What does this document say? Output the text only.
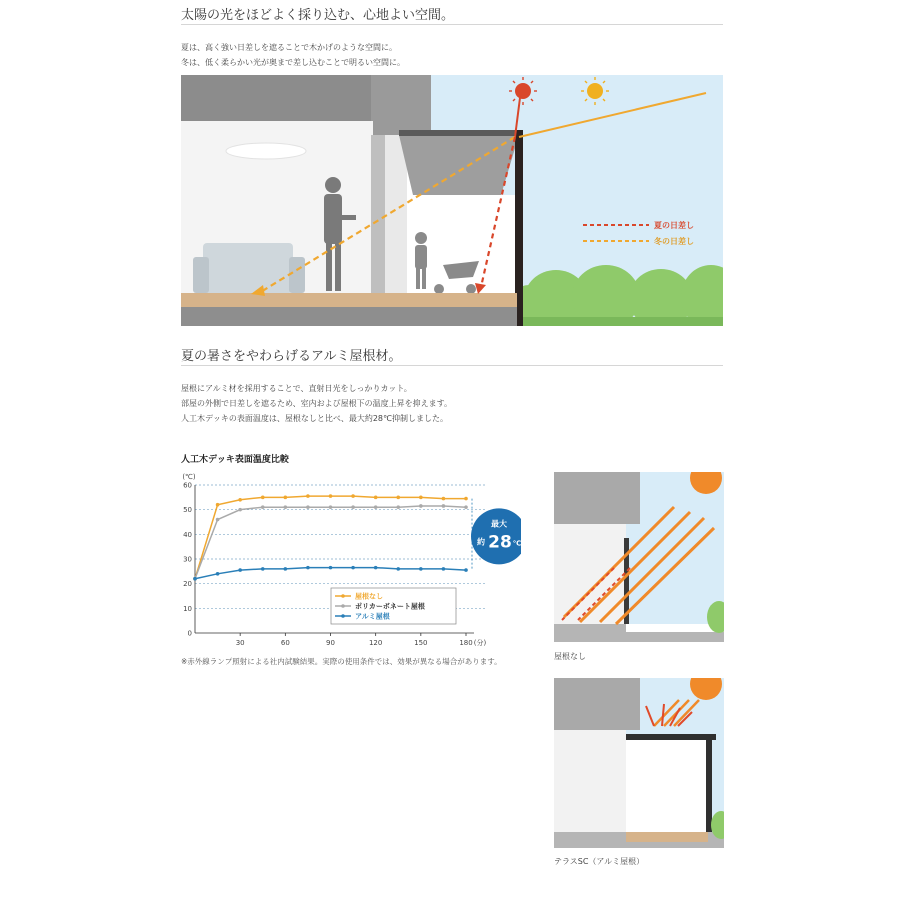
太陽の光をほどよく採り込む、心地よい空間。
夏は、高く強い日差しを遮ることで木かげのような空間に。
冬は、低く柔らかい光が奥まで差し込むことで明るい空間に。
夏の日差し
冬の日差し
夏の暑さをやわらげるアルミ屋根材。
屋根にアルミ材を採用することで、直射日光をしっかりカット。
部屋の外側で日差しを遮るため、室内および屋根下の温度上昇を抑えます。
人工木デッキの表面温度は、屋根なしと比べ、最大約28℃抑制しました。
人工木デッキ表面温度比較
0
10
20
30
40
50
60
(℃)
30	60	90	120	150	180 (分)
最大
約 28 ℃
屋根なし
ポリカーボネート屋根
アルミ屋根
※赤外線ランプ照射による社内試験結果。実際の使用条件では、効果が異なる場合があります。
屋根なし
テラスSC（アルミ屋根）
